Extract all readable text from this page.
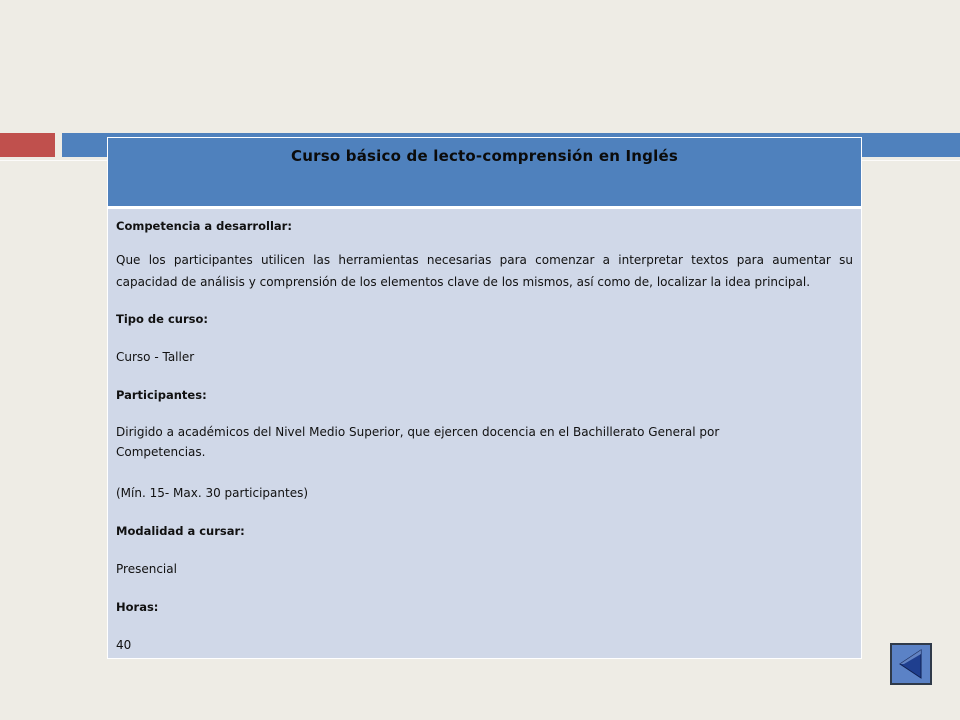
Curso básico de lecto-comprensión en Inglés
Competencia a desarrollar:
Que los participantes utilicen las herramientas necesarias para comenzar a interpretar textos para aumentar su capacidad de análisis y comprensión de los elementos clave de los mismos, así como de, localizar la idea principal.
Tipo de curso:
Curso - Taller
Participantes:
Dirigido a académicos del Nivel Medio Superior, que ejercen docencia en el Bachillerato General por Competencias.
(Mín. 15- Max. 30 participantes)
Modalidad a cursar:
Presencial
Horas:
40
